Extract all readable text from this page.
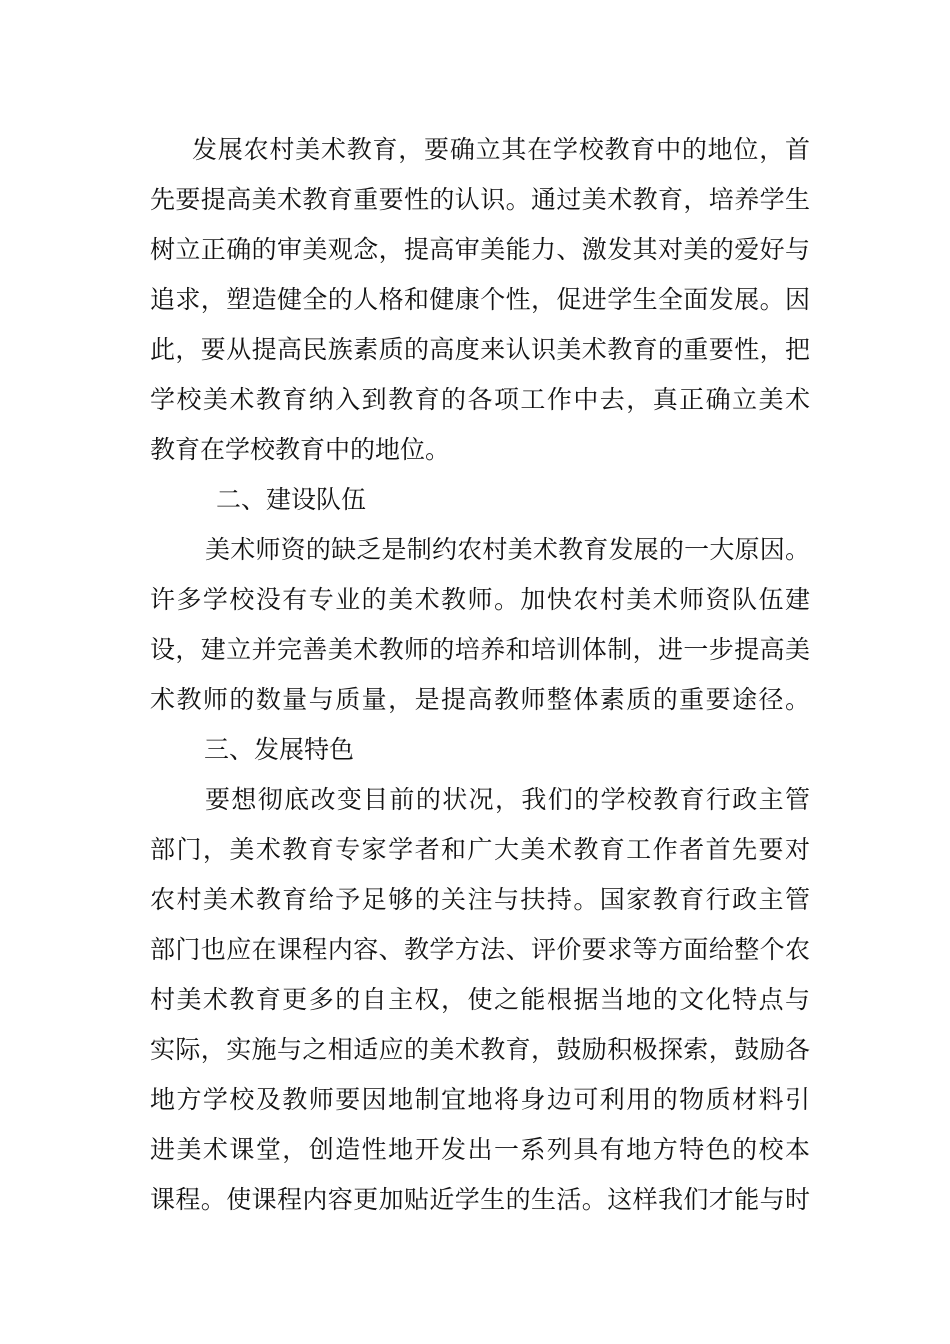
发展农村美术教育，要确立其在学校教育中的地位，首
先要提高美术教育重要性的认识。通过美术教育，培养学生
树立正确的审美观念，提高审美能力、激发其对美的爱好与
追求，塑造健全的人格和健康个性，促进学生全面发展。因
此，要从提高民族素质的高度来认识美术教育的重要性，把
学校美术教育纳入到教育的各项工作中去，真正确立美术
教育在学校教育中的地位。
二、建设队伍
美术师资的缺乏是制约农村美术教育发展的一大原因。
许多学校没有专业的美术教师。加快农村美术师资队伍建
设，建立并完善美术教师的培养和培训体制，进一步提高美
术教师的数量与质量，是提高教师整体素质的重要途径。
三、发展特色
要想彻底改变目前的状况，我们的学校教育行政主管
部门，美术教育专家学者和广大美术教育工作者首先要对
农村美术教育给予足够的关注与扶持。国家教育行政主管
部门也应在课程内容、教学方法、评价要求等方面给整个农
村美术教育更多的自主权，使之能根据当地的文化特点与
实际，实施与之相适应的美术教育，鼓励积极探索，鼓励各
地方学校及教师要因地制宜地将身边可利用的物质材料引
进美术课堂，创造性地开发出一系列具有地方特色的校本
课程。使课程内容更加贴近学生的生活。这样我们才能与时
